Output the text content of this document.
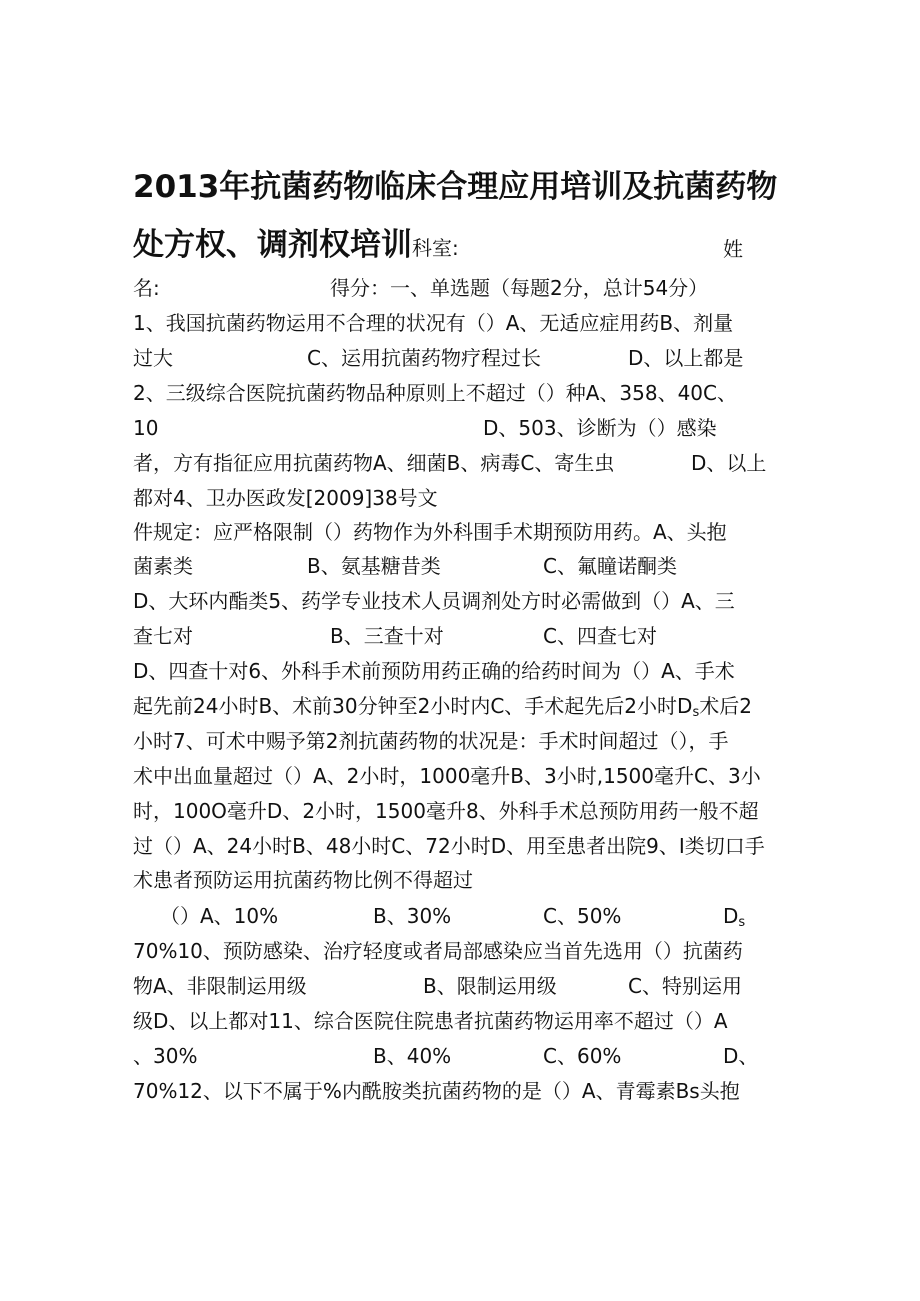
2013年抗菌药物临床合理应用培训及抗菌药物
处方权、调剂权培训科室:	姓
名:	得分：一、单选题（每题2分，总计54分）
1、我国抗菌药物运用不合理的状况有（）A、无适应症用药B、剂量
过大	C、运用抗菌药物疗程过长	D、以上都是
2、三级综合医院抗菌药物品种原则上不超过（）种A、358、40C、
10	D、503、诊断为（）感染
者，方有指征应用抗菌药物A、细菌B、病毒C、寄生虫	D、以上
都对4、卫办医政发[2009]38号文
件规定：应严格限制（）药物作为外科围手术期预防用药。A、头抱
菌素类	B、氨基糖昔类	C、氟瞳诺酮类
D、大环内酯类5、药学专业技术人员调剂处方时必需做到（）A、三
查七对	B、三查十对	C、四查七对
D、四查十对6、外科手术前预防用药正确的给药时间为（）A、手术
起先前24小时B、术前30分钟至2小时内C、手术起先后2小时$D_s$术后2
小时7、可术中赐予第2剂抗菌药物的状况是：手术时间超过（），手
术中出血量超过（）A、2小时，1000毫升B、3小时,1500毫升C、3小
时，100O毫升D、2小时，1500毫升8、外科手术总预防用药一般不超
过（）A、24小时B、48小时C、72小时D、用至患者出院9、I类切口手
术患者预防运用抗菌药物比例不得超过
（）A、10%	B、30%	C、50%	$D_s$
70%10、预防感染、治疗轻度或者局部感染应当首先选用（）抗菌药
物A、非限制运用级	B、限制运用级	C、特别运用
级D、以上都对11、综合医院住院患者抗菌药物运用率不超过（）A
、30%	B、40%	C、60%	D、
70%12、以下不属于%内酰胺类抗菌药物的是（）A、青霉素Bs头抱
